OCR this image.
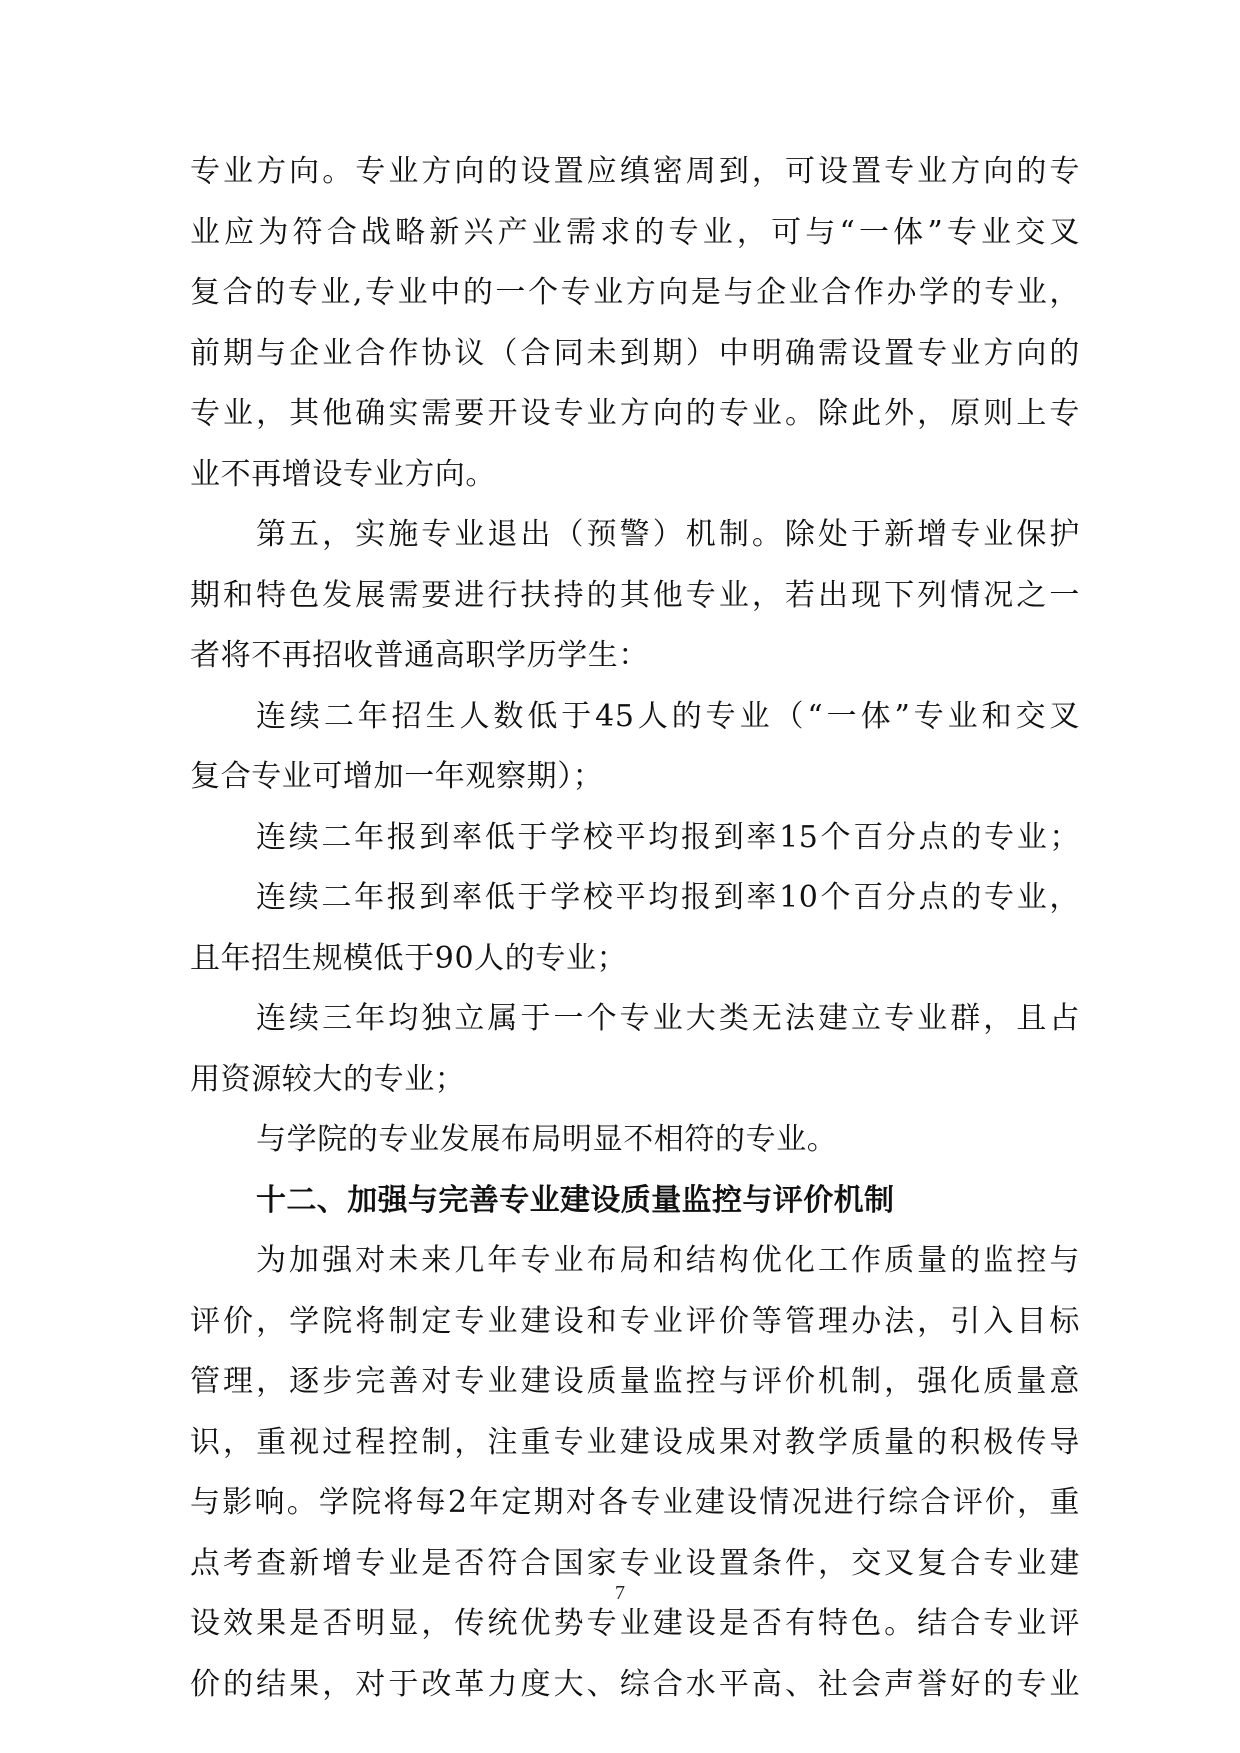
专业方向。专业方向的设置应缜密周到，可设置专业方向的专
业应为符合战略新兴产业需求的专业，可与“一体”专业交叉
复合的专业,专业中的一个专业方向是与企业合作办学的专业，
前期与企业合作协议（合同未到期）中明确需设置专业方向的
专业，其他确实需要开设专业方向的专业。除此外，原则上专
业不再增设专业方向。
第五，实施专业退出（预警）机制。除处于新增专业保护
期和特色发展需要进行扶持的其他专业，若出现下列情况之一
者将不再招收普通高职学历学生：
连续二年招生人数低于45人的专业（“一体”专业和交叉
复合专业可增加一年观察期）；
连续二年报到率低于学校平均报到率15个百分点的专业；
连续二年报到率低于学校平均报到率10个百分点的专业，
且年招生规模低于90人的专业；
连续三年均独立属于一个专业大类无法建立专业群，且占
用资源较大的专业；
与学院的专业发展布局明显不相符的专业。
十二、加强与完善专业建设质量监控与评价机制
为加强对未来几年专业布局和结构优化工作质量的监控与
评价，学院将制定专业建设和专业评价等管理办法，引入目标
管理，逐步完善对专业建设质量监控与评价机制，强化质量意
识，重视过程控制，注重专业建设成果对教学质量的积极传导
与影响。学院将每2年定期对各专业建设情况进行综合评价，重
点考查新增专业是否符合国家专业设置条件，交叉复合专业建
设效果是否明显，传统优势专业建设是否有特色。结合专业评
价的结果，对于改革力度大、综合水平高、社会声誉好的专业
7
